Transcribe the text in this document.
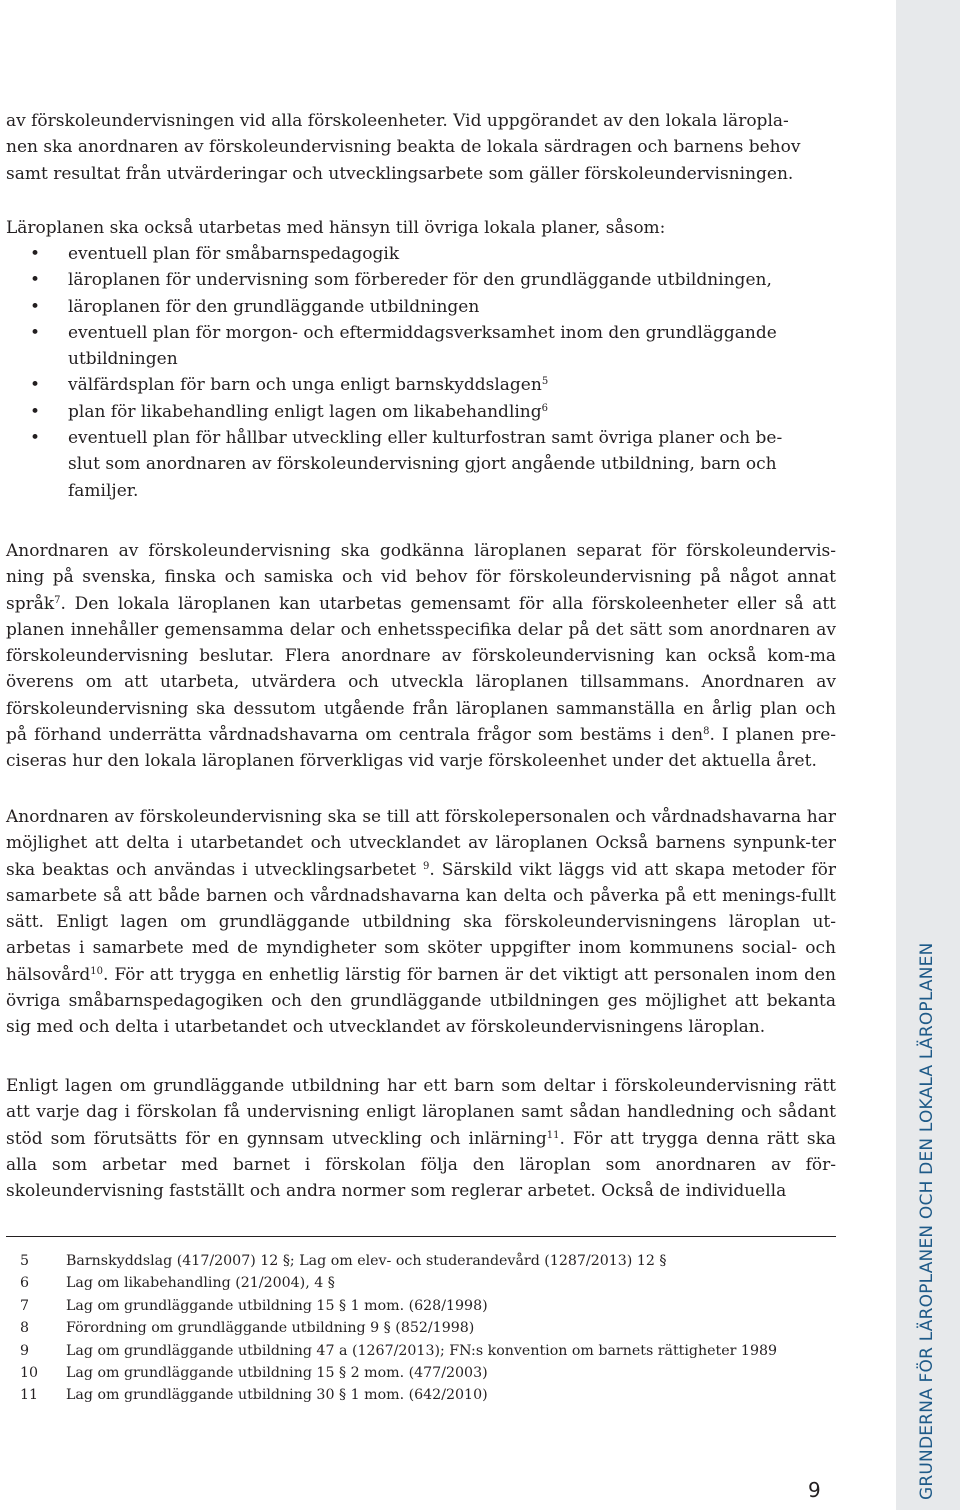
GRUNDERNA FÖR LÄROPLANEN OCH DEN LOKALA LÄROPLANEN
av förskoleundervisningen vid alla förskoleenheter. Vid uppgörandet av den lokala läropla-
nen ska anordnaren av förskoleundervisning beakta de lokala särdragen och barnens behov
samt resultat från utvärderingar och utvecklingsarbete som gäller förskoleundervisningen.
Läroplanen ska också utarbetas med hänsyn till övriga lokala planer, såsom:
• eventuell plan för småbarnspedagogik
• läroplanen för undervisning som förbereder för den grundläggande utbildningen,
• läroplanen för den grundläggande utbildningen
• eventuell plan för morgon- och eftermiddagsverksamhet inom den grundläggande
utbildningen
• välfärdsplan för barn och unga enligt barnskyddslagen$^5$
• plan för likabehandling enligt lagen om likabehandling$^6$
• eventuell plan för hållbar utveckling eller kulturfostran samt övriga planer och be-
slut som anordnaren av förskoleundervisning gjort angående utbildning, barn och
familjer.

Anordnaren av förskoleundervisning ska godkänna läroplanen separat för förskoleundervis-ning på svenska, finska och samiska och vid behov för förskoleundervisning på något annat språk$^7$. Den lokala läroplanen kan utarbetas gemensamt för alla förskoleenheter eller så att planen innehåller gemensamma delar och enhetsspecifika delar på det sätt som anordnaren av förskoleundervisning beslutar. Flera anordnare av förskoleundervisning kan också kom-ma överens om att utarbeta, utvärdera och utveckla läroplanen tillsammans. Anordnaren av förskoleundervisning ska dessutom utgående från läroplanen sammanställa en årlig plan och på förhand underrätta vårdnadshavarna om centrala frågor som bestäms i den$^8$. I planen pre-ciseras hur den lokala läroplanen förverkligas vid varje förskoleenhet under det aktuella året.

Anordnaren av förskoleundervisning ska se till att förskolepersonalen och vårdnadshavarna har möjlighet att delta i utarbetandet och utvecklandet av läroplanen Också barnens synpunk-ter ska beaktas och användas i utvecklingsarbetet $^9$. Särskild vikt läggs vid att skapa metoder för samarbete så att både barnen och vårdnadshavarna kan delta och påverka på ett menings-fullt sätt. Enligt lagen om grundläggande utbildning ska förskoleundervisningens läroplan ut-arbetas i samarbete med de myndigheter som sköter uppgifter inom kommunens social- och hälsovård$^{10}$. För att trygga en enhetlig lärstig för barnen är det viktigt att personalen inom den övriga småbarnspedagogiken och den grundläggande utbildningen ges möjlighet att bekanta sig med och delta i utarbetandet och utvecklandet av förskoleundervisningens läroplan.

Enligt lagen om grundläggande utbildning har ett barn som deltar i förskoleundervisning rätt att varje dag i förskolan få undervisning enligt läroplanen samt sådan handledning och sådant stöd som förutsätts för en gynnsam utveckling och inlärning$^{11}$. För att trygga denna rätt ska alla som arbetar med barnet i förskolan följa den läroplan som anordnaren av för-skoleundervisning fastställt och andra normer som reglerar arbetet. Också de individuella

5	Barnskyddslag (417/2007) 12 §; Lag om elev- och studerandevård (1287/2013) 12 §
6	Lag om likabehandling (21/2004), 4 §
7	Lag om grundläggande utbildning 15 § 1 mom. (628/1998)
8	Förordning om grundläggande utbildning 9 § (852/1998)
9	Lag om grundläggande utbildning 47 a (1267/2013); FN:s konvention om barnets rättigheter 1989
10 Lag om grundläggande utbildning 15 § 2 mom. (477/2003)
11 Lag om grundläggande utbildning 30 § 1 mom. (642/2010)
9
